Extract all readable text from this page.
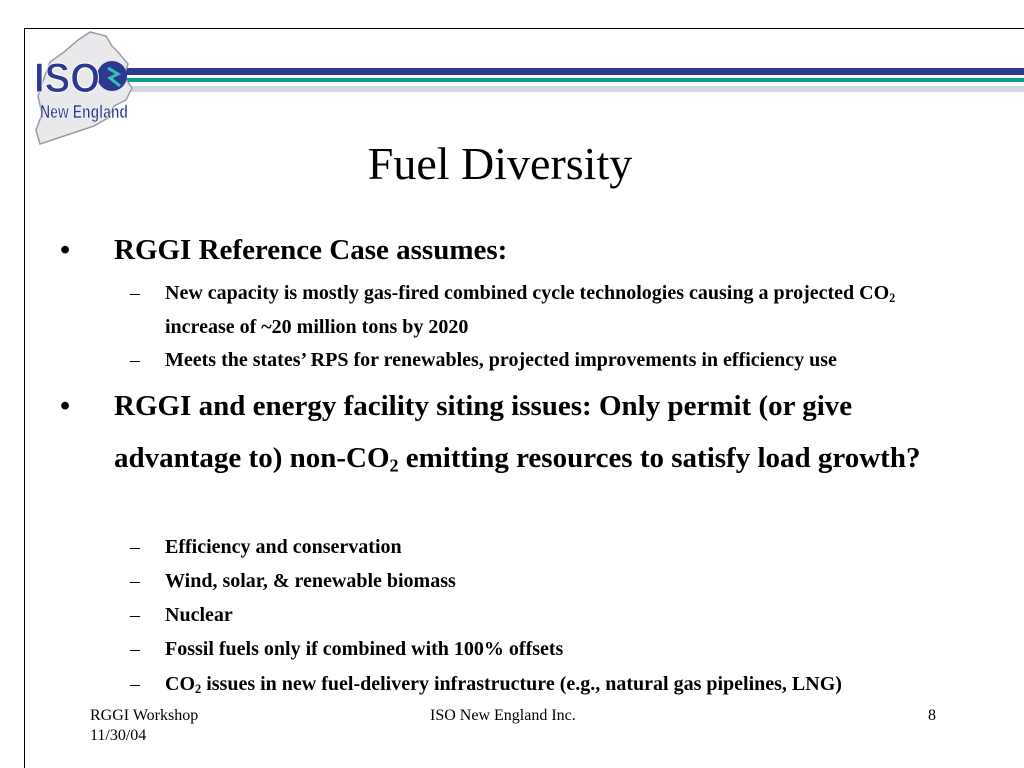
ISO
New England
Fuel Diversity
• RGGI Reference Case assumes:
– New capacity is mostly gas-fired combined cycle technologies causing a projected $CO_2$ increase of ~20 million tons by 2020
– Meets the states’ RPS for renewables, projected improvements in efficiency use
• RGGI and energy facility siting issues: Only permit (or give advantage to) non-$CO_2$ emitting resources to satisfy load growth?
– Efficiency and conservation
– Wind, solar, & renewable biomass
– Nuclear
– Fossil fuels only if combined with 100% offsets
– $CO_2$ issues in new fuel-delivery infrastructure (e.g., natural gas pipelines, LNG)
RGGI Workshop
11/30/04
ISO New England Inc.	8
